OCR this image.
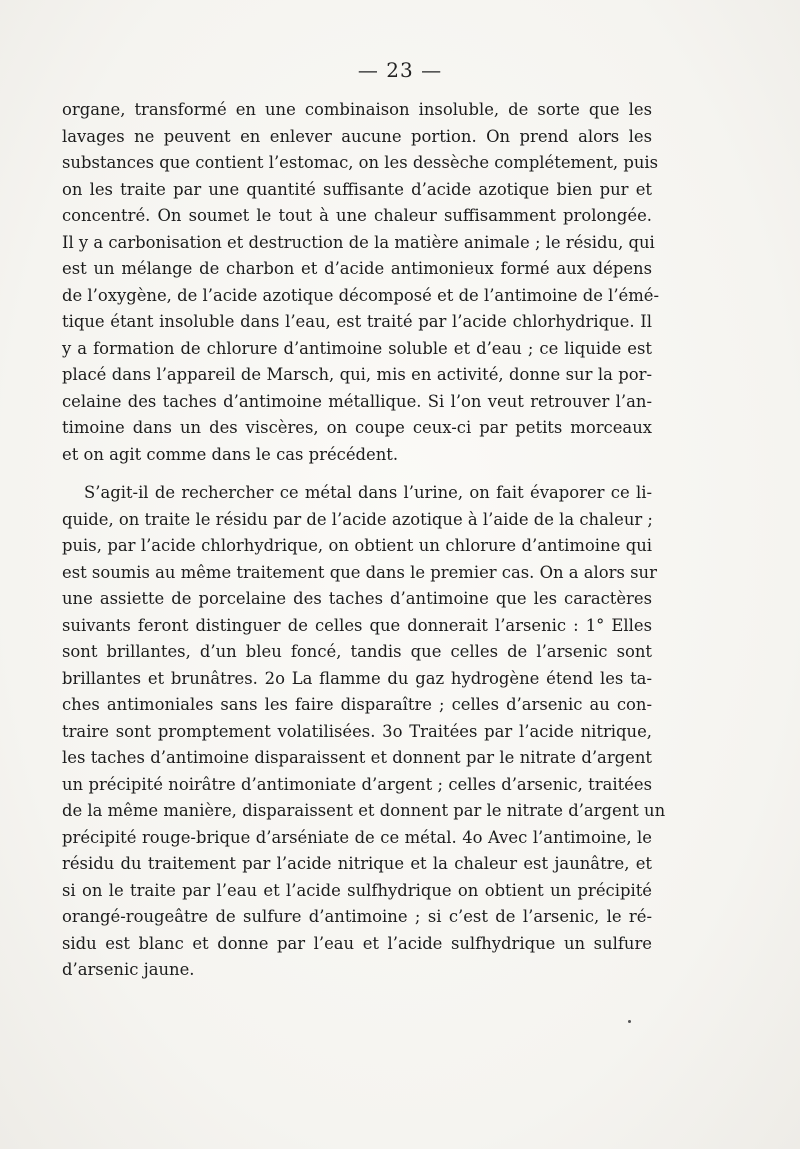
— 23 —
organe, transformé en une combinaison insoluble, de sorte que les
lavages ne peuvent en enlever aucune portion. On prend alors les
substances que contient l’estomac, on les dessèche complétement, puis
on les traite par une quantité suffisante d’acide azotique bien pur et
concentré. On soumet le tout à une chaleur suffisamment prolongée.
Il y a carbonisation et destruction de la matière animale ; le résidu, qui
est un mélange de charbon et d’acide antimonieux formé aux dépens
de l’oxygène, de l’acide azotique décomposé et de l’antimoine de l’émé-
tique étant insoluble dans l’eau, est traité par l’acide chlorhydrique. Il
y a formation de chlorure d’antimoine soluble et d’eau ; ce liquide est
placé dans l’appareil de Marsch, qui, mis en activité, donne sur la por-
celaine des taches d’antimoine métallique. Si l’on veut retrouver l’an-
timoine dans un des viscères, on coupe ceux-ci par petits morceaux
et on agit comme dans le cas précédent.
S’agit-il de rechercher ce métal dans l’urine, on fait évaporer ce li-
quide, on traite le résidu par de l’acide azotique à l’aide de la chaleur ;
puis, par l’acide chlorhydrique, on obtient un chlorure d’antimoine qui
est soumis au même traitement que dans le premier cas. On a alors sur
une assiette de porcelaine des taches d’antimoine que les caractères
suivants feront distinguer de celles que donnerait l’arsenic : 1° Elles
sont brillantes, d’un bleu foncé, tandis que celles de l’arsenic sont
brillantes et brunâtres. 2o La flamme du gaz hydrogène étend les ta-
ches antimoniales sans les faire disparaître ; celles d’arsenic au con-
traire sont promptement volatilisées. 3o Traitées par l’acide nitrique,
les taches d’antimoine disparaissent et donnent par le nitrate d’argent
un précipité noirâtre d’antimoniate d’argent ; celles d’arsenic, traitées
de la même manière, disparaissent et donnent par le nitrate d’argent un
précipité rouge-brique d’arséniate de ce métal. 4o Avec l’antimoine, le
résidu du traitement par l’acide nitrique et la chaleur est jaunâtre, et
si on le traite par l’eau et l’acide sulfhydrique on obtient un précipité
orangé-rougeâtre de sulfure d’antimoine ; si c’est de l’arsenic, le ré-
sidu est blanc et donne par l’eau et l’acide sulfhydrique un sulfure
d’arsenic jaune.
